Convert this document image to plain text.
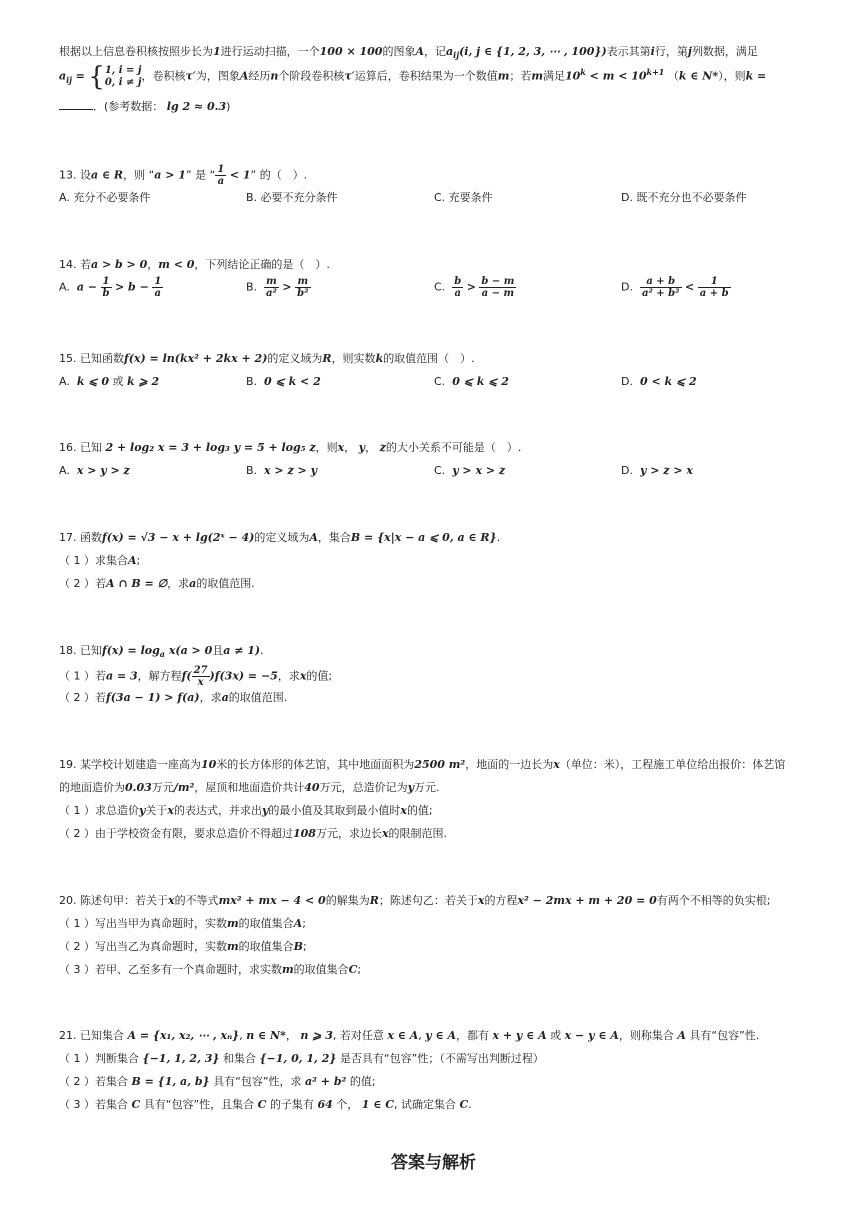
根据以上信息卷积核按照步长为1进行运动扫描，一个100 × 100的图象A，记$a_{ij}(i$, j ∈ {1, 2, 3, ⋯ , 100})表示其第i行，第j列数据，满足
$a_{ij}$ = { 1, i = j
0, i ≠ j ，卷积核τ′为，图象A经历n个阶段卷积核τ′运算后，卷积结果为一个数值m；若m满足$10^k < m < 10^{k+1}$ （k ∈ N*），则k =
．(参考数据： lg 2 ≈ 0.3)
13. 设a ∈ R，则 “a > 1” 是 “ $\frac{1}{a} < 1$” 的（　）.
A. 充分不必要条件	B. 必要不充分条件	C. 充要条件	D. 既不充分也不必要条件
14. 若a > b > 0，m < 0，下列结论正确的是（　）.
A. $a - \frac{1}{b} > b - \frac{1}{a}$	B. $\frac{m}{\text{a²}} > \frac{m}{\text{b²}}$	C. $\frac{b}{a} > \frac{b - m}{a - m}$	D. $\frac{a + b}{\text{a² + b²}} < \frac{1}{a + b}$
15. 已知函数f(x) = ln(kx² + 2kx + 2)的定义域为R，则实数k的取值范围（　）.
A. k ⩽ 0 或 k ⩾ 2	B. 0 ⩽ k < 2	C. 0 ⩽ k ⩽ 2	D. 0 < k ⩽ 2
16. 已知 2 + log₂ x = 3 + log₃ y = 5 + log₅ z，则x， y， z的大小关系不可能是（　）.
A. x > y > z	B. x > z > y	C. y > x > z	D. y > z > x
17. 函数f(x) = √3 − x + lg(2ˣ − 4)的定义域为A，集合B = {x|x − a ⩽ 0, a ∈ R}.
（ 1 ）求集合A;
（ 2 ）若A ∩ B = ∅，求a的取值范围.
18. 已知$f(x) = \log_a x(a > 0$且a ≠ 1).
（ 1 ）若a = 3，解方程$f( \frac{27}{x} )f(3x) = -5$，求x的值;
（ 2 ）若f(3a − 1) > f(a)，求a的取值范围.
19. 某学校计划建造一座高为10米的长方体形的体艺馆，其中地面面积为2500 m²，地面的一边长为x（单位：米），工程施工单位给出报价：体艺馆
的地面造价为0.03万元/m²，屋顶和地面造价共计40万元，总造价记为y万元.
（ 1 ）求总造价y关于x的表达式，并求出y的最小值及其取到最小值时x的值;
（ 2 ）由于学校资金有限，要求总造价不得超过108万元，求边长x的限制范围.
20. 陈述句甲：若关于x的不等式mx² + mx − 4 < 0的解集为R；陈述句乙：若关于x的方程x² − 2mx + m + 20 = 0有两个不相等的负实根;
（ 1 ）写出当甲为真命题时，实数m的取值集合A;
（ 2 ）写出当乙为真命题时，实数m的取值集合B;
（ 3 ）若甲、乙至多有一个真命题时，求实数m的取值集合C;
21. 已知集合 A = {x₁, x₂, ⋯ , xₙ}, n ∈ N*， n ⩾ 3, 若对任意 x ∈ A, y ∈ A，都有 x + y ∈ A 或 x − y ∈ A，则称集合 A 具有“包容”性.
（ 1 ）判断集合 {−1, 1, 2, 3} 和集合 {−1, 0, 1, 2} 是否具有“包容”性；（不需写出判断过程）
（ 2 ）若集合 B = {1, a, b} 具有“包容”性，求 a² + b² 的值;
（ 3 ）若集合 C 具有“包容”性，且集合 C 的子集有 64 个， 1 ∈ C, 试确定集合 C.
答案与解析
